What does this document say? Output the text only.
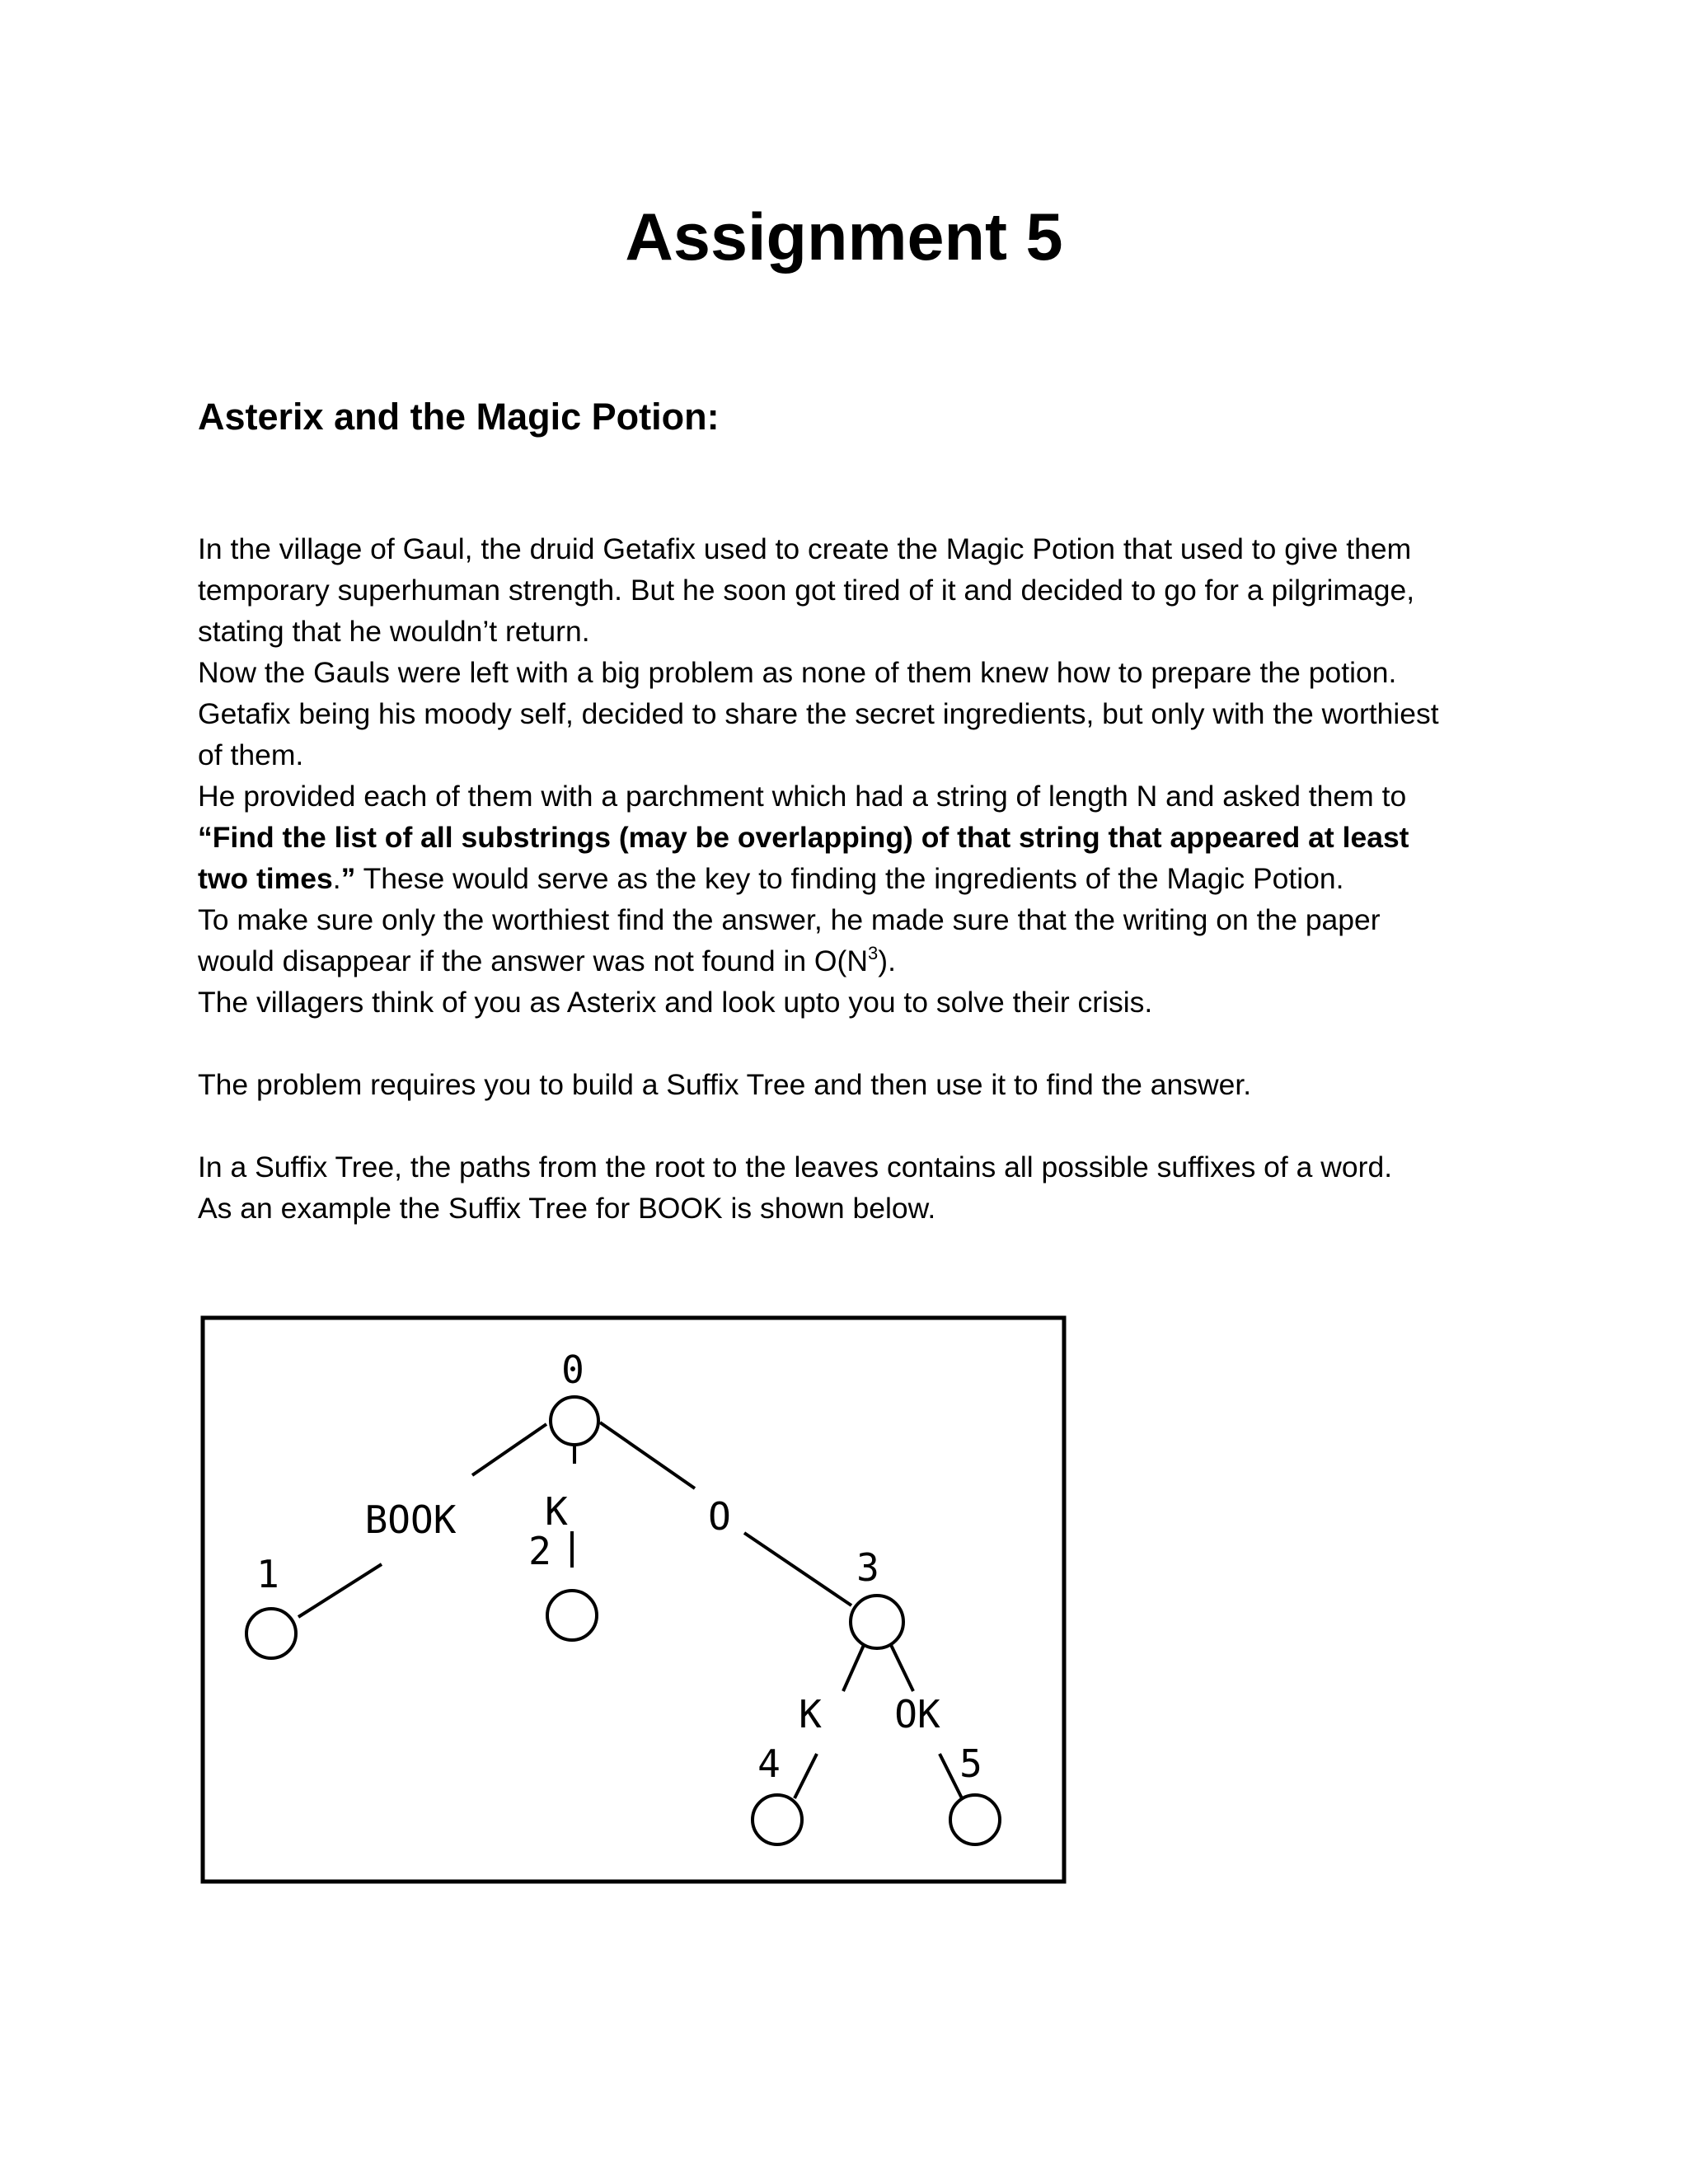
Assignment 5
Asterix and the Magic Potion:
In the village of Gaul, the druid Getafix used to create the Magic Potion that used to give them
temporary superhuman strength. But he soon got tired of it and decided to go for a pilgrimage,
stating that he wouldn’t return.
Now the Gauls were left with a big problem as none of them knew how to prepare the potion.
Getafix being his moody self, decided to share the secret ingredients, but only with the worthiest
of them.
He provided each of them with a parchment which had a string of length N and asked them to
“Find the list of all substrings (may be overlapping) of that string that appeared at least
two times.” These would serve as the key to finding the ingredients of the Magic Potion.
To make sure only the worthiest find the answer, he made sure that the writing on the paper
would disappear if the answer was not found in $O(N^3)$.
The villagers think of you as Asterix and look upto you to solve their crisis.
The problem requires you to build a Suffix Tree and then use it to find the answer.
In a Suffix Tree, the paths from the root to the leaves contains all possible suffixes of a word.
As an example the Suffix Tree for BOOK is shown below.
0
1
2	3
4	5
BOOK K	O
K OK
